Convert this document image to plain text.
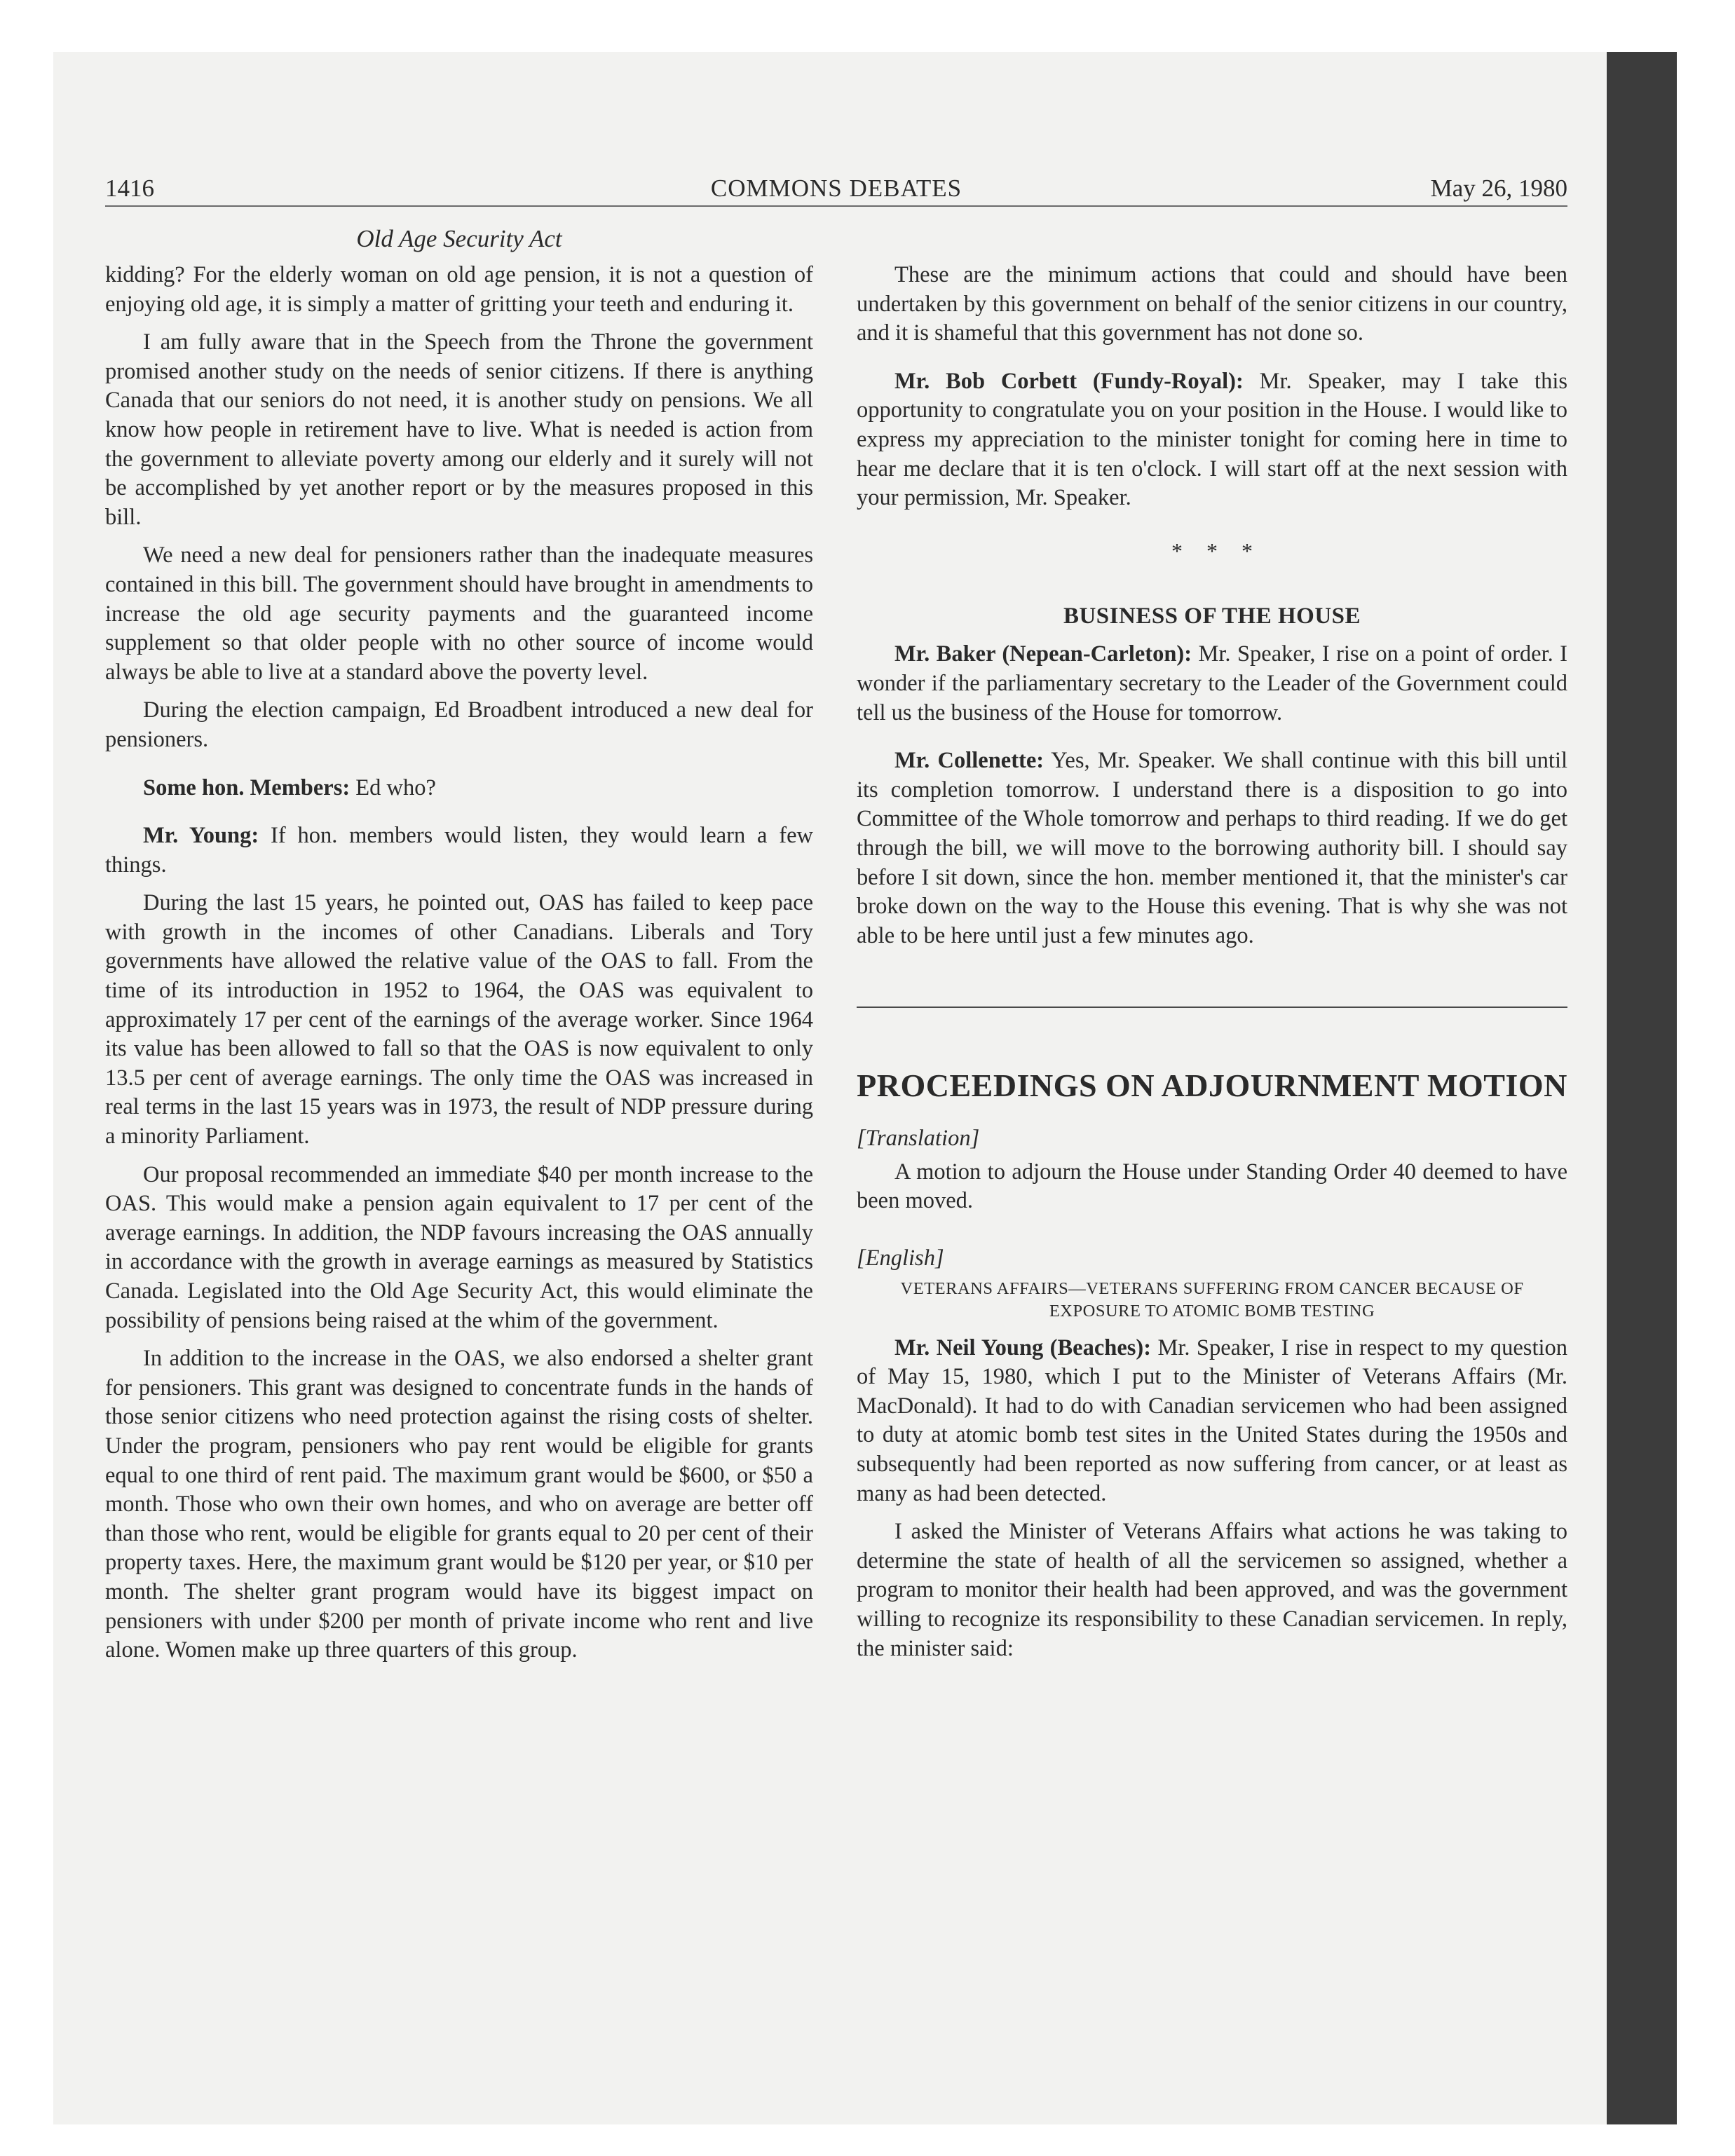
1416	COMMONS DEBATES	May 26, 1980
Old Age Security Act

kidding? For the elderly woman on old age pension, it is not a question of enjoying old age, it is simply a matter of gritting your teeth and enduring it.

I am fully aware that in the Speech from the Throne the government promised another study on the needs of senior citizens. If there is anything Canada that our seniors do not need, it is another study on pensions. We all know how people in retirement have to live. What is needed is action from the government to alleviate poverty among our elderly and it surely will not be accomplished by yet another report or by the measures proposed in this bill.

We need a new deal for pensioners rather than the inadequate measures contained in this bill. The government should have brought in amendments to increase the old age security payments and the guaranteed income supplement so that older people with no other source of income would always be able to live at a standard above the poverty level.

During the election campaign, Ed Broadbent introduced a new deal for pensioners.

Some hon. Members: Ed who?

Mr. Young: If hon. members would listen, they would learn a few things.

During the last 15 years, he pointed out, OAS has failed to keep pace with growth in the incomes of other Canadians. Liberals and Tory governments have allowed the relative value of the OAS to fall. From the time of its introduction in 1952 to 1964, the OAS was equivalent to approximately 17 per cent of the earnings of the average worker. Since 1964 its value has been allowed to fall so that the OAS is now equivalent to only 13.5 per cent of average earnings. The only time the OAS was increased in real terms in the last 15 years was in 1973, the result of NDP pressure during a minority Parliament.

Our proposal recommended an immediate $40 per month increase to the OAS. This would make a pension again equivalent to 17 per cent of the average earnings. In addition, the NDP favours increasing the OAS annually in accordance with the growth in average earnings as measured by Statistics Canada. Legislated into the Old Age Security Act, this would eliminate the possibility of pensions being raised at the whim of the government.

In addition to the increase in the OAS, we also endorsed a shelter grant for pensioners. This grant was designed to concentrate funds in the hands of those senior citizens who need protection against the rising costs of shelter. Under the program, pensioners who pay rent would be eligible for grants equal to one third of rent paid. The maximum grant would be $600, or $50 a month. Those who own their own homes, and who on average are better off than those who rent, would be eligible for grants equal to 20 per cent of their property taxes. Here, the maximum grant would be $120 per year, or $10 per month. The shelter grant program would have its biggest impact on pensioners with under $200 per month of private income who rent and live alone. Women make up three quarters of this group.

These are the minimum actions that could and should have been undertaken by this government on behalf of the senior citizens in our country, and it is shameful that this government has not done so.

Mr. Bob Corbett (Fundy-Royal): Mr. Speaker, may I take this opportunity to congratulate you on your position in the House. I would like to express my appreciation to the minister tonight for coming here in time to hear me declare that it is ten o'clock. I will start off at the next session with your permission, Mr. Speaker.

* * *
BUSINESS OF THE HOUSE

Mr. Baker (Nepean-Carleton): Mr. Speaker, I rise on a point of order. I wonder if the parliamentary secretary to the Leader of the Government could tell us the business of the House for tomorrow.

Mr. Collenette: Yes, Mr. Speaker. We shall continue with this bill until its completion tomorrow. I understand there is a disposition to go into Committee of the Whole tomorrow and perhaps to third reading. If we do get through the bill, we will move to the borrowing authority bill. I should say before I sit down, since the hon. member mentioned it, that the minister's car broke down on the way to the House this evening. That is why she was not able to be here until just a few minutes ago.

PROCEEDINGS ON ADJOURNMENT MOTION
[Translation]

A motion to adjourn the House under Standing Order 40 deemed to have been moved.

[English]
VETERANS AFFAIRS—VETERANS SUFFERING FROM CANCER BECAUSE OF EXPOSURE TO ATOMIC BOMB TESTING

Mr. Neil Young (Beaches): Mr. Speaker, I rise in respect to my question of May 15, 1980, which I put to the Minister of Veterans Affairs (Mr. MacDonald). It had to do with Canadian servicemen who had been assigned to duty at atomic bomb test sites in the United States during the 1950s and subsequently had been reported as now suffering from cancer, or at least as many as had been detected.

I asked the Minister of Veterans Affairs what actions he was taking to determine the state of health of all the servicemen so assigned, whether a program to monitor their health had been approved, and was the government willing to recognize its responsibility to these Canadian servicemen. In reply, the minister said:
